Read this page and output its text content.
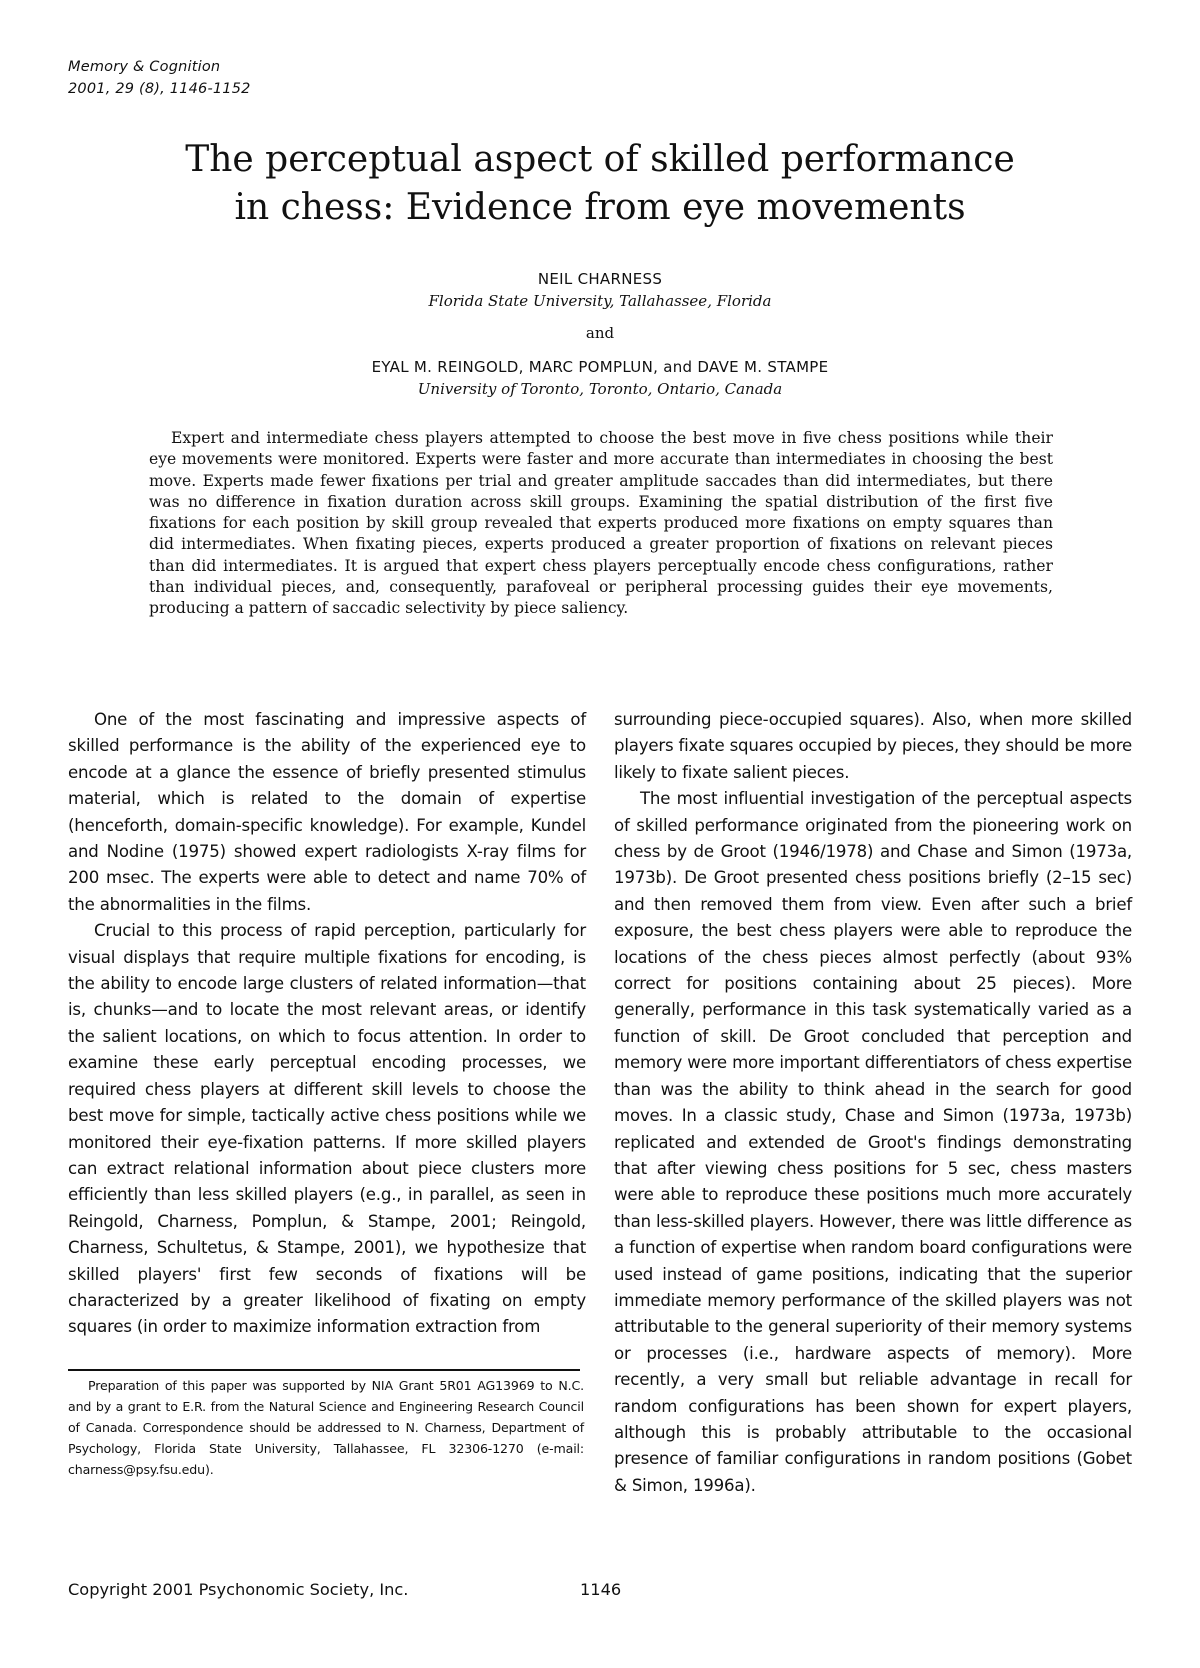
Memory & Cognition
2001, 29 (8), 1146-1152
The perceptual aspect of skilled performance
in chess: Evidence from eye movements
NEIL CHARNESS
Florida State University, Tallahassee, Florida
and
EYAL M. REINGOLD, MARC POMPLUN, and DAVE M. STAMPE
University of Toronto, Toronto, Ontario, Canada

Expert and intermediate chess players attempted to choose the best move in five chess positions while their eye movements were monitored. Experts were faster and more accurate than intermediates in choosing the best move. Experts made fewer fixations per trial and greater amplitude saccades than did intermediates, but there was no difference in fixation duration across skill groups. Examining the spatial distribution of the first five fixations for each position by skill group revealed that experts produced more fixations on empty squares than did intermediates. When fixating pieces, experts produced a greater proportion of fixations on relevant pieces than did intermediates. It is argued that expert chess players perceptually encode chess configurations, rather than individual pieces, and, consequently, parafoveal or peripheral processing guides their eye movements, producing a pattern of saccadic selectivity by piece saliency.

One of the most fascinating and impressive aspects of skilled performance is the ability of the experienced eye to encode at a glance the essence of briefly presented stimulus material, which is related to the domain of expertise (henceforth, domain-specific knowledge). For example, Kundel and Nodine (1975) showed expert radiologists X-ray films for 200 msec. The experts were able to detect and name 70% of the abnormalities in the films.

Crucial to this process of rapid perception, particularly for visual displays that require multiple fixations for encoding, is the ability to encode large clusters of related information—that is, chunks—and to locate the most relevant areas, or identify the salient locations, on which to focus attention. In order to examine these early perceptual encoding processes, we required chess players at different skill levels to choose the best move for simple, tactically active chess positions while we monitored their eye-fixation patterns. If more skilled players can extract relational information about piece clusters more efficiently than less skilled players (e.g., in parallel, as seen in Reingold, Charness, Pomplun, & Stampe, 2001; Reingold, Charness, Schultetus, & Stampe, 2001), we hypothesize that skilled players' first few seconds of fixations will be characterized by a greater likelihood of fixating on empty squares (in order to maximize information extraction from

surrounding piece-occupied squares). Also, when more skilled players fixate squares occupied by pieces, they should be more likely to fixate salient pieces.

The most influential investigation of the perceptual aspects of skilled performance originated from the pioneering work on chess by de Groot (1946/1978) and Chase and Simon (1973a, 1973b). De Groot presented chess positions briefly (2–15 sec) and then removed them from view. Even after such a brief exposure, the best chess players were able to reproduce the locations of the chess pieces almost perfectly (about 93% correct for positions containing about 25 pieces). More generally, performance in this task systematically varied as a function of skill. De Groot concluded that perception and memory were more important differentiators of chess expertise than was the ability to think ahead in the search for good moves. In a classic study, Chase and Simon (1973a, 1973b) replicated and extended de Groot's findings demonstrating that after viewing chess positions for 5 sec, chess masters were able to reproduce these positions much more accurately than less-skilled players. However, there was little difference as a function of expertise when random board configurations were used instead of game positions, indicating that the superior immediate memory performance of the skilled players was not attributable to the general superiority of their memory systems or processes (i.e., hardware aspects of memory). More recently, a very small but reliable advantage in recall for random configurations has been shown for expert players, although this is probably attributable to the occasional presence of familiar configurations in random positions (Gobet & Simon, 1996a).

Preparation of this paper was supported by NIA Grant 5R01 AG13969 to N.C. and by a grant to E.R. from the Natural Science and Engineering Research Council of Canada. Correspondence should be addressed to N. Charness, Department of Psychology, Florida State University, Tallahassee, FL 32306-1270 (e-mail: charness@psy.fsu.edu).

Copyright 2001 Psychonomic Society, Inc.	1146
